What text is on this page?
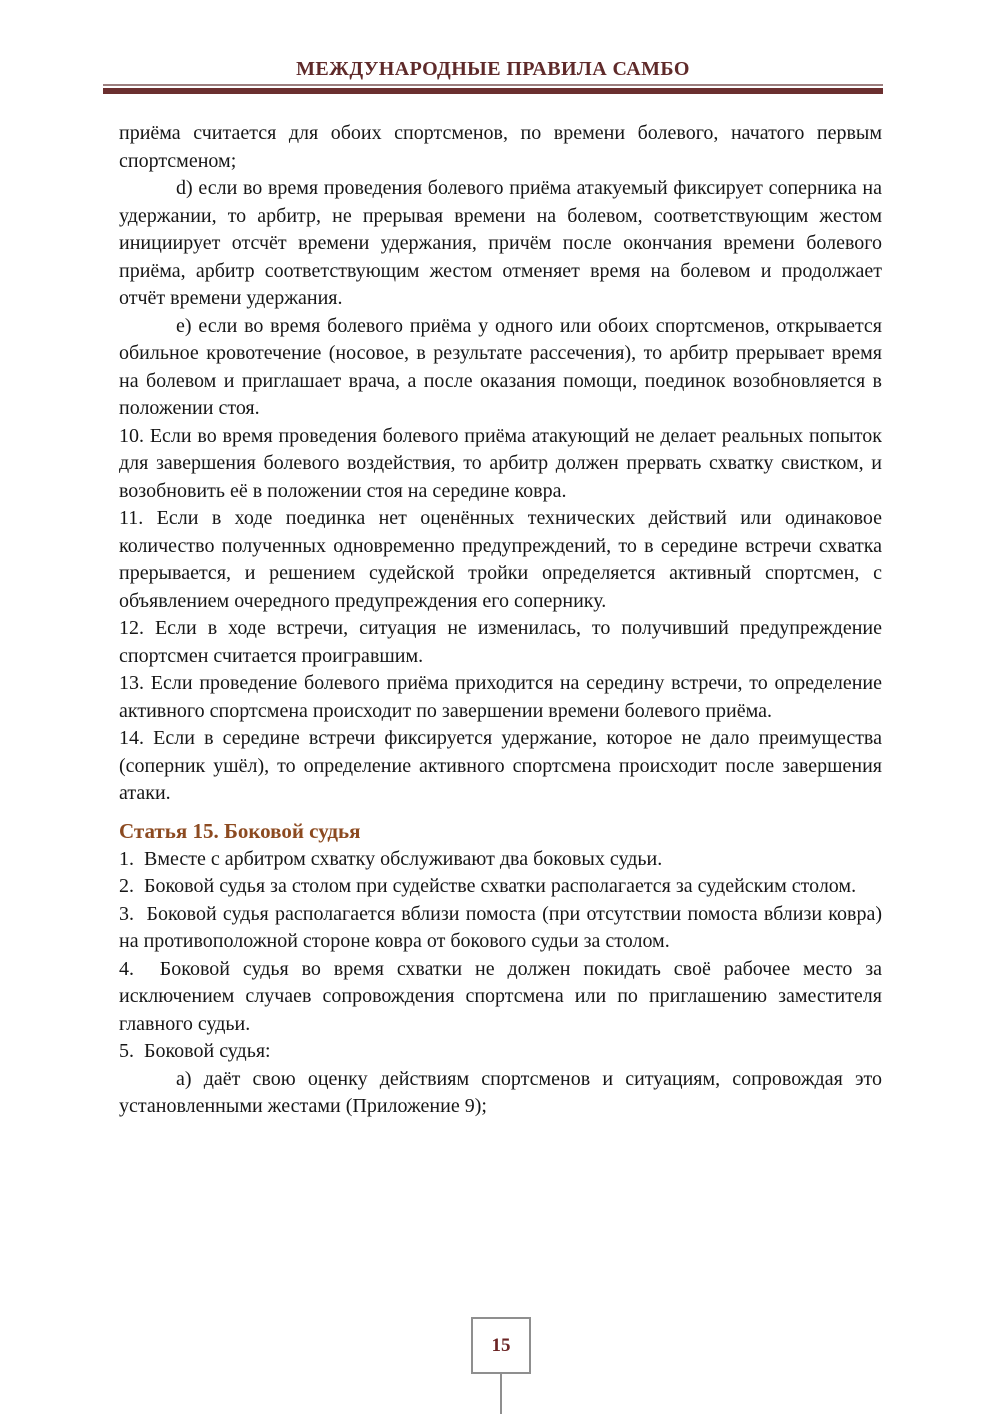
МЕЖДУНАРОДНЫЕ ПРАВИЛА САМБО

приёма считается для обоих спортсменов, по времени болевого, начатого первым спортсменом;

d) если во время проведения болевого приёма атакуемый фиксирует соперника на удержании, то арбитр, не прерывая времени на болевом, соответствующим жестом инициирует отсчёт времени удержания, причём после окончания времени болевого приёма, арбитр соответствующим жестом отменяет время на болевом и продолжает отчёт времени удержания.

е) если во время болевого приёма у одного или обоих спортсменов, открывается обильное кровотечение (носовое, в результате рассечения), то арбитр прерывает время на болевом и приглашает врача, а после оказания помощи, поединок возобновляется в положении стоя.

10. Если во время проведения болевого приёма атакующий не делает реальных попыток для завершения болевого воздействия, то арбитр должен прервать схватку свистком, и возобновить её в положении стоя на середине ковра.

11. Если в ходе поединка нет оценённых технических действий или одинаковое количество полученных одновременно предупреждений, то в середине встречи схватка прерывается, и решением судейской тройки определяется активный спортсмен, с объявлением очередного предупреждения его сопернику.

12. Если в ходе встречи, ситуация не изменилась, то получивший предупреждение спортсмен считается проигравшим.

13. Если проведение болевого приёма приходится на середину встречи, то определение активного спортсмена происходит по завершении времени болевого приёма.

14. Если в середине встречи фиксируется удержание, которое не дало преимущества (соперник ушёл), то определение активного спортсмена происходит после завершения атаки.

Статья 15. Боковой судья

1.  Вместе с арбитром схватку обслуживают два боковых судьи.

2.  Боковой судья за столом при судействе схватки располагается за судейским столом.

3.  Боковой судья располагается вблизи помоста (при отсутствии помоста вблизи ковра) на противоположной стороне ковра от бокового судьи за столом.

4.  Боковой судья во время схватки не должен покидать своё рабочее место за исключением случаев сопровождения спортсмена или по приглашению заместителя главного судьи.

5.  Боковой судья:

а) даёт свою оценку действиям спортсменов и ситуациям, сопровождая это установленными жестами (Приложение 9);

15
